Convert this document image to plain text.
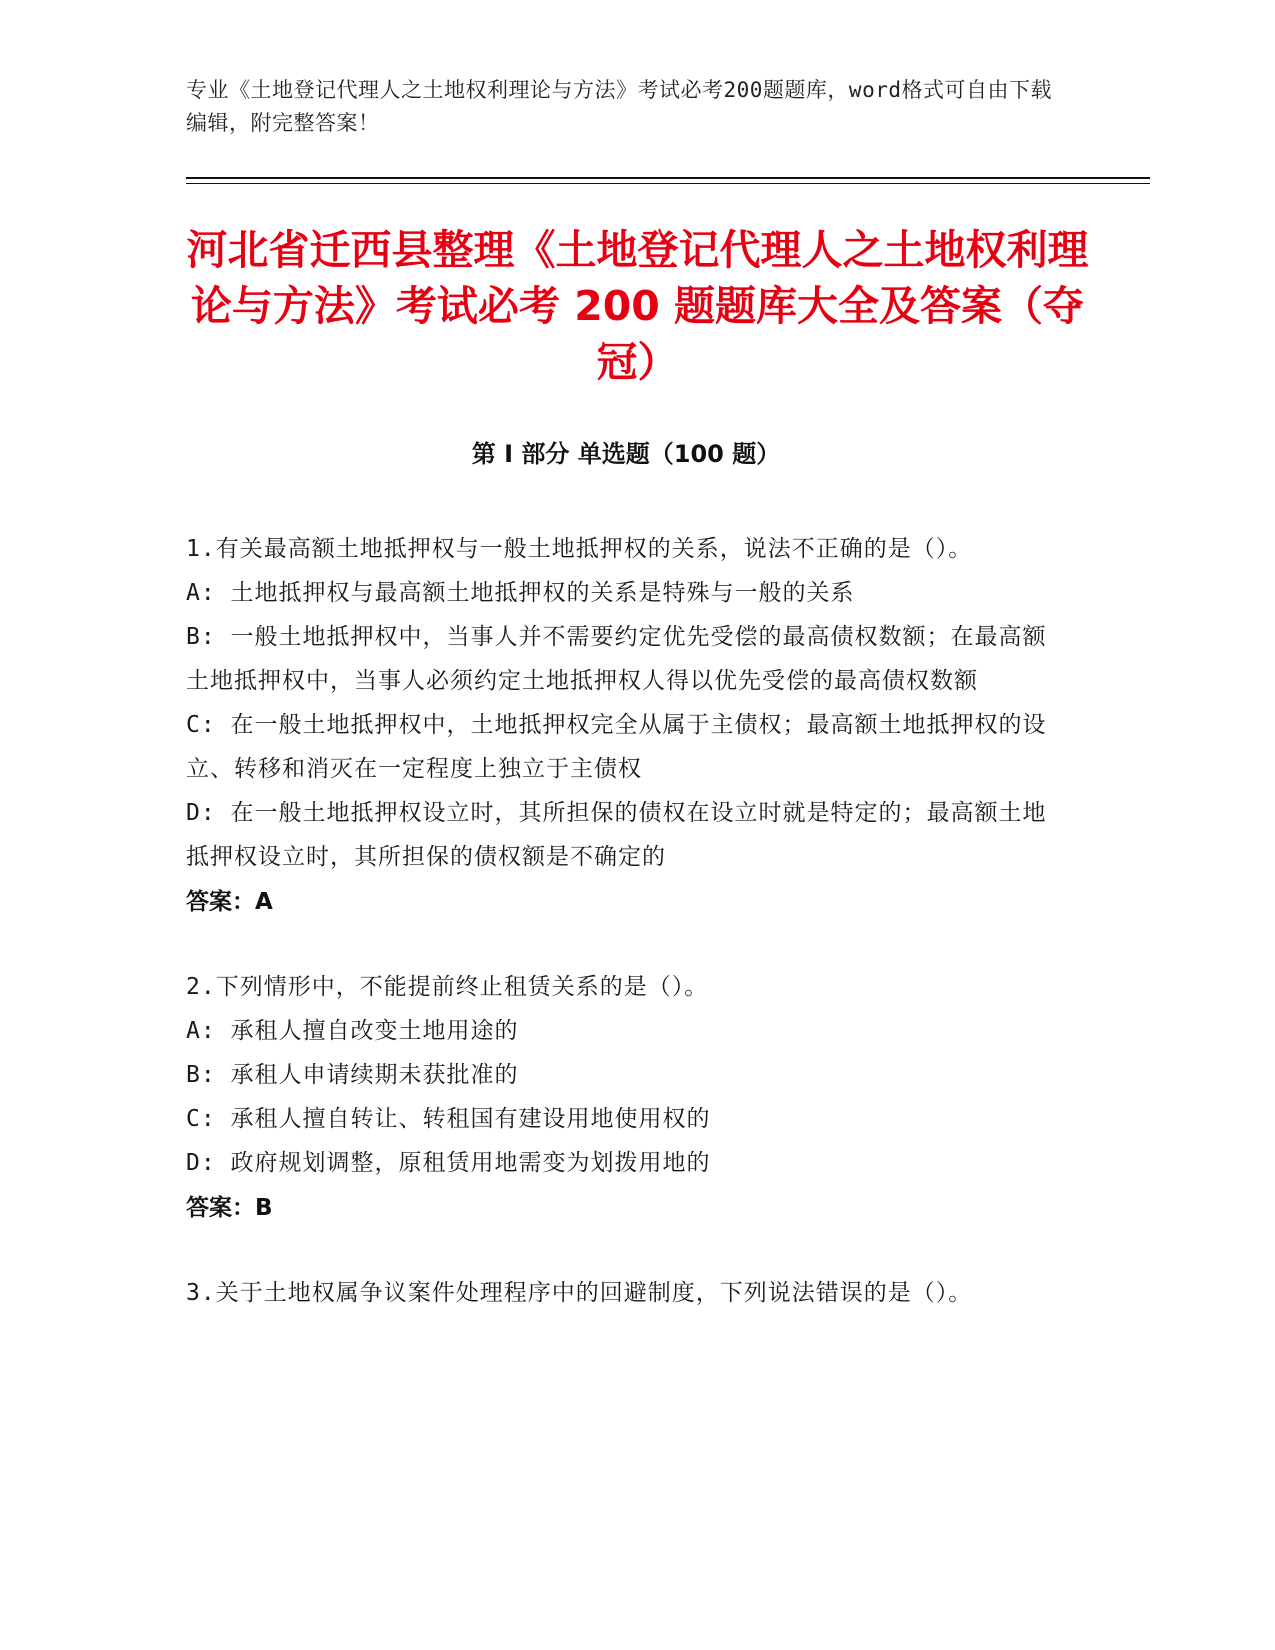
专业《土地登记代理人之土地权利理论与方法》考试必考200题题库，word格式可自由下载编辑，附完整答案！
河北省迁西县整理《土地登记代理人之土地权利理论与方法》考试必考 200 题题库大全及答案（夺冠）
第 I 部分 单选题（100 题）

1.有关最高额土地抵押权与一般土地抵押权的关系，说法不正确的是（）。

A: 土地抵押权与最高额土地抵押权的关系是特殊与一般的关系

B: 一般土地抵押权中，当事人并不需要约定优先受偿的最高债权数额；在最高额土地抵押权中，当事人必须约定土地抵押权人得以优先受偿的最高债权数额

C: 在一般土地抵押权中，土地抵押权完全从属于主债权；最高额土地抵押权的设立、转移和消灭在一定程度上独立于主债权

D: 在一般土地抵押权设立时，其所担保的债权在设立时就是特定的；最高额土地抵押权设立时，其所担保的债权额是不确定的

答案：A

2.下列情形中，不能提前终止租赁关系的是（）。

A: 承租人擅自改变土地用途的

B: 承租人申请续期未获批准的

C: 承租人擅自转让、转租国有建设用地使用权的

D: 政府规划调整，原租赁用地需变为划拨用地的

答案：B

3.关于土地权属争议案件处理程序中的回避制度，下列说法错误的是（）。
